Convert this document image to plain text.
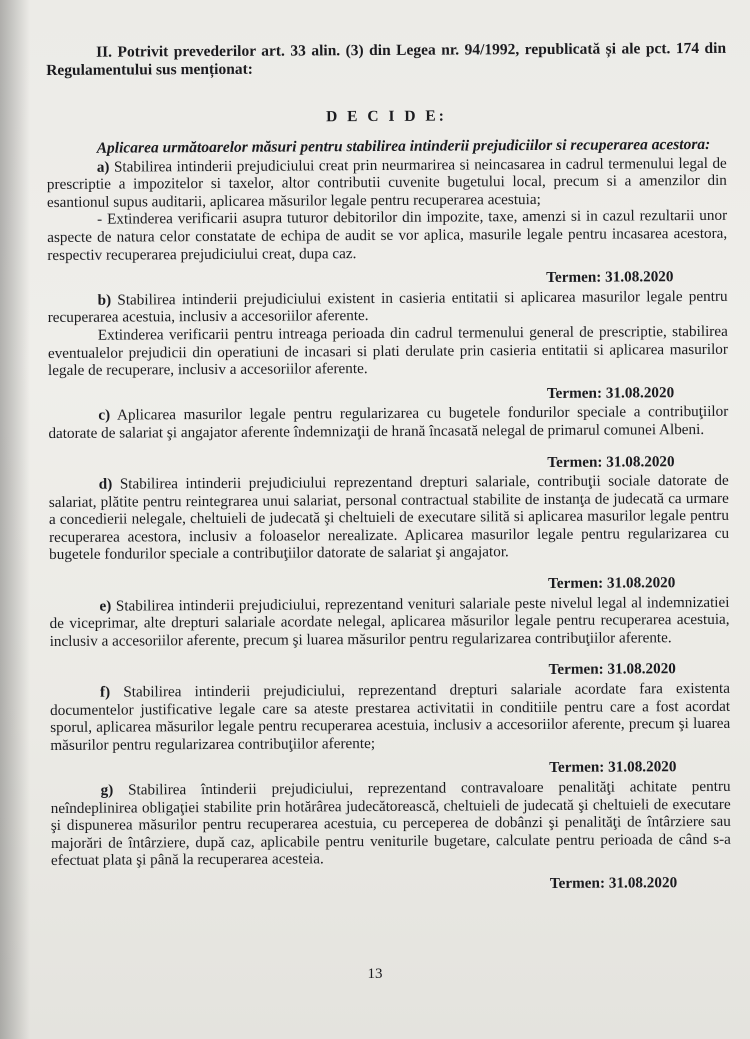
II. Potrivit prevederilor art. 33 alin. (3) din Legea nr. 94/1992, republicată și ale pct. 174 din Regulamentului sus menționat:

D E C I D E:

Aplicarea următoarelor măsuri pentru stabilirea intinderii prejudiciilor si recuperarea acestora:

a) Stabilirea intinderii prejudiciului creat prin neurmarirea si neincasarea in cadrul termenului legal de prescriptie a impozitelor si taxelor, altor contributii cuvenite bugetului local, precum si a amenzilor din esantionul supus auditarii, aplicarea măsurilor legale pentru recuperarea acestuia;

- Extinderea verificarii asupra tuturor debitorilor din impozite, taxe, amenzi si in cazul rezultarii unor aspecte de natura celor constatate de echipa de audit se vor aplica, masurile legale pentru incasarea acestora, respectiv recuperarea prejudiciului creat, dupa caz.

Termen: 31.08.2020

b) Stabilirea intinderii prejudiciului existent in casieria entitatii si aplicarea masurilor legale pentru recuperarea acestuia, inclusiv a accesoriilor aferente.

Extinderea verificarii pentru intreaga perioada din cadrul termenului general de prescriptie, stabilirea eventualelor prejudicii din operatiuni de incasari si plati derulate prin casieria entitatii si aplicarea masurilor legale de recuperare, inclusiv a accesoriilor aferente.

Termen: 31.08.2020

c) Aplicarea masurilor legale pentru regularizarea cu bugetele fondurilor speciale a contribuţiilor datorate de salariat şi angajator aferente îndemnizaţii de hrană încasată nelegal de primarul comunei Albeni.

Termen: 31.08.2020

d) Stabilirea intinderii prejudiciului reprezentand drepturi salariale, contribuţii sociale datorate de salariat, plătite pentru reintegrarea unui salariat, personal contractual stabilite de instanţa de judecată ca urmare a concedierii nelegale, cheltuieli de judecată şi cheltuieli de executare silită si aplicarea masurilor legale pentru recuperarea acestora, inclusiv a foloaselor nerealizate. Aplicarea masurilor legale pentru regularizarea cu bugetele fondurilor speciale a contribuţiilor datorate de salariat şi angajator.

Termen: 31.08.2020

e) Stabilirea intinderii prejudiciului, reprezentand venituri salariale peste nivelul legal al indemnizatiei de viceprimar, alte drepturi salariale acordate nelegal, aplicarea măsurilor legale pentru recuperarea acestuia, inclusiv a accesoriilor aferente, precum şi luarea măsurilor pentru regularizarea contribuţiilor aferente.

Termen: 31.08.2020

f) Stabilirea intinderii prejudiciului, reprezentand drepturi salariale acordate fara existenta documentelor justificative legale care sa ateste prestarea activitatii in conditiile pentru care a fost acordat sporul, aplicarea măsurilor legale pentru recuperarea acestuia, inclusiv a accesoriilor aferente, precum şi luarea măsurilor pentru regularizarea contribuţiilor aferente;

Termen: 31.08.2020

g) Stabilirea întinderii prejudiciului, reprezentand contravaloare penalităţi achitate pentru neîndeplinirea obligaţiei stabilite prin hotărârea judecătorească, cheltuieli de judecată şi cheltuieli de executare şi dispunerea măsurilor pentru recuperarea acestuia, cu perceperea de dobânzi şi penalităţi de întârziere sau majorări de întârziere, după caz, aplicabile pentru veniturile bugetare, calculate pentru perioada de când s-a efectuat plata şi până la recuperarea acesteia.

Termen: 31.08.2020
13
